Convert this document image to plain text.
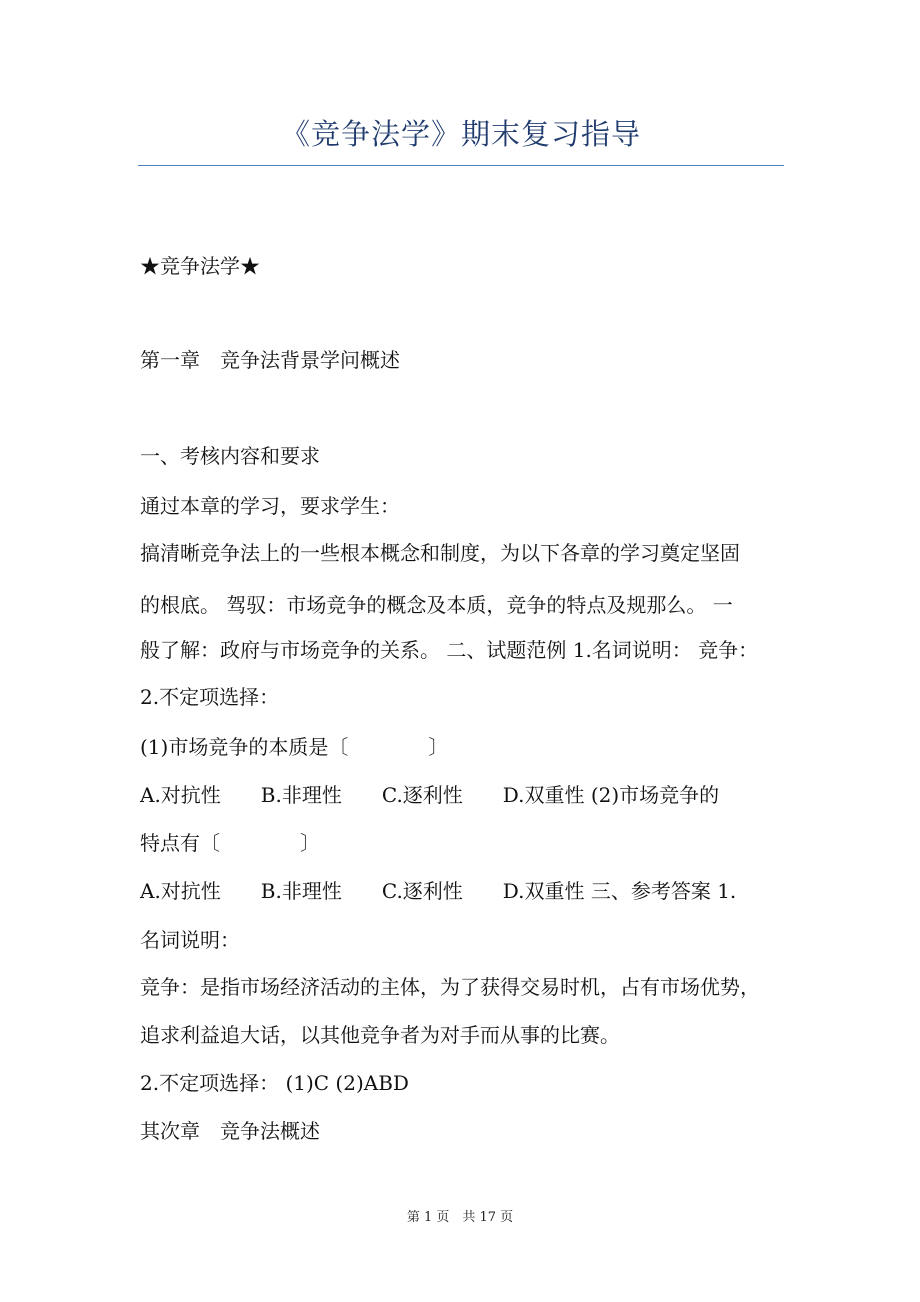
《竞争法学》期末复习指导
★竞争法学★
第一章　竞争法背景学问概述
一、考核内容和要求
通过本章的学习，要求学生：
搞清晰竞争法上的一些根本概念和制度，为以下各章的学习奠定坚固
的根底。 驾驭：市场竞争的概念及本质，竞争的特点及规那么。 一
般了解：政府与市场竞争的关系。 二、试题范例 1.名词说明： 竞争：
2.不定项选择：
(1)市场竞争的本质是〔　　　　〕
A.对抗性　　B.非理性　　C.逐利性　　D.双重性 (2)市场竞争的
特点有〔　　　　〕
A.对抗性　　B.非理性　　C.逐利性　　D.双重性 三、参考答案 1.
名词说明：
竞争：是指市场经济活动的主体，为了获得交易时机，占有市场优势，
追求利益追大话，以其他竞争者为对手而从事的比赛。
2.不定项选择： (1)C (2)ABD
其次章　竞争法概述
第 1 页　共 17 页
